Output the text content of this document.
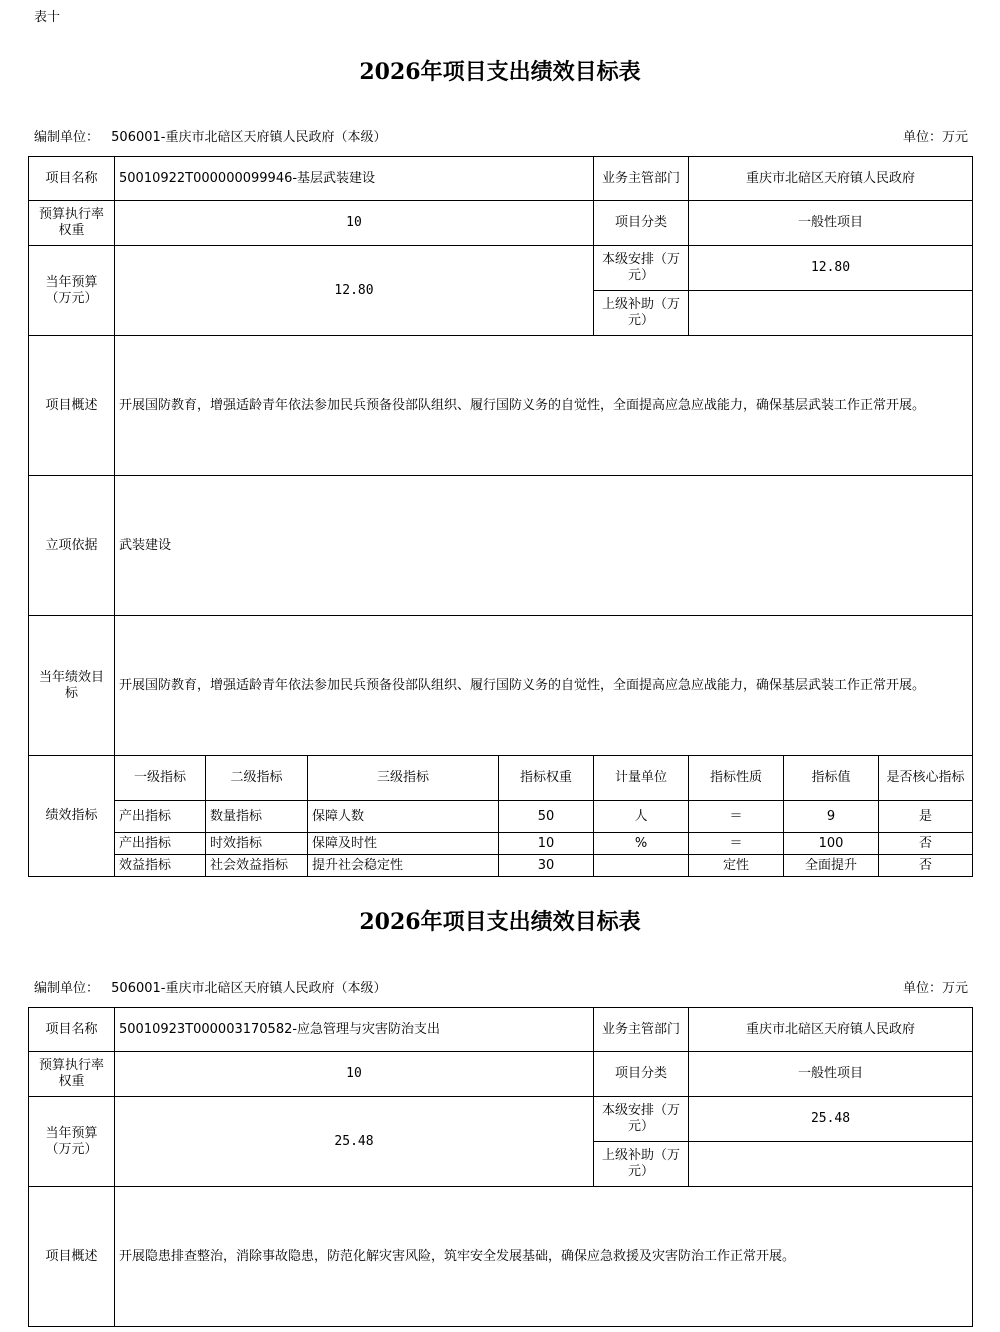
表十
2026年项目支出绩效目标表
编制单位： 506001-重庆市北碚区天府镇人民政府（本级）	单位：万元
项目名称	50010922T000000099946-基层武装建设				业务主管部门	重庆市北碚区天府镇人民政府		
预算执行率权重	10				项目分类	一般性项目		
当年预算（万元）	12.80				本级安排（万元）	12.80		
					上级补助（万元）			
项目概述	开展国防教育，增强适龄青年依法参加民兵预备役部队组织、履行国防义务的自觉性，全面提高应急应战能力，确保基层武装工作正常开展。							
立项依据	武装建设							
当年绩效目标	开展国防教育，增强适龄青年依法参加民兵预备役部队组织、履行国防义务的自觉性，全面提高应急应战能力，确保基层武装工作正常开展。							
绩效指标	一级指标	二级指标	三级指标	指标权重	计量单位	指标性质	指标值	是否核心指标
	产出指标	数量指标	保障人数	50	人	＝	9	是
	产出指标	时效指标	保障及时性	10	%	＝	100	否
	效益指标	社会效益指标	提升社会稳定性	30		定性	全面提升	否
2026年项目支出绩效目标表
编制单位： 506001-重庆市北碚区天府镇人民政府（本级）	单位：万元
项目名称	50010923T000003170582-应急管理与灾害防治支出	业务主管部门	重庆市北碚区天府镇人民政府
预算执行率权重	10	项目分类	一般性项目
当年预算（万元）	25.48	本级安排（万元）	25.48
		上级补助（万元）	
项目概述	开展隐患排查整治，消除事故隐患，防范化解灾害风险，筑牢安全发展基础，确保应急救援及灾害防治工作正常开展。		
